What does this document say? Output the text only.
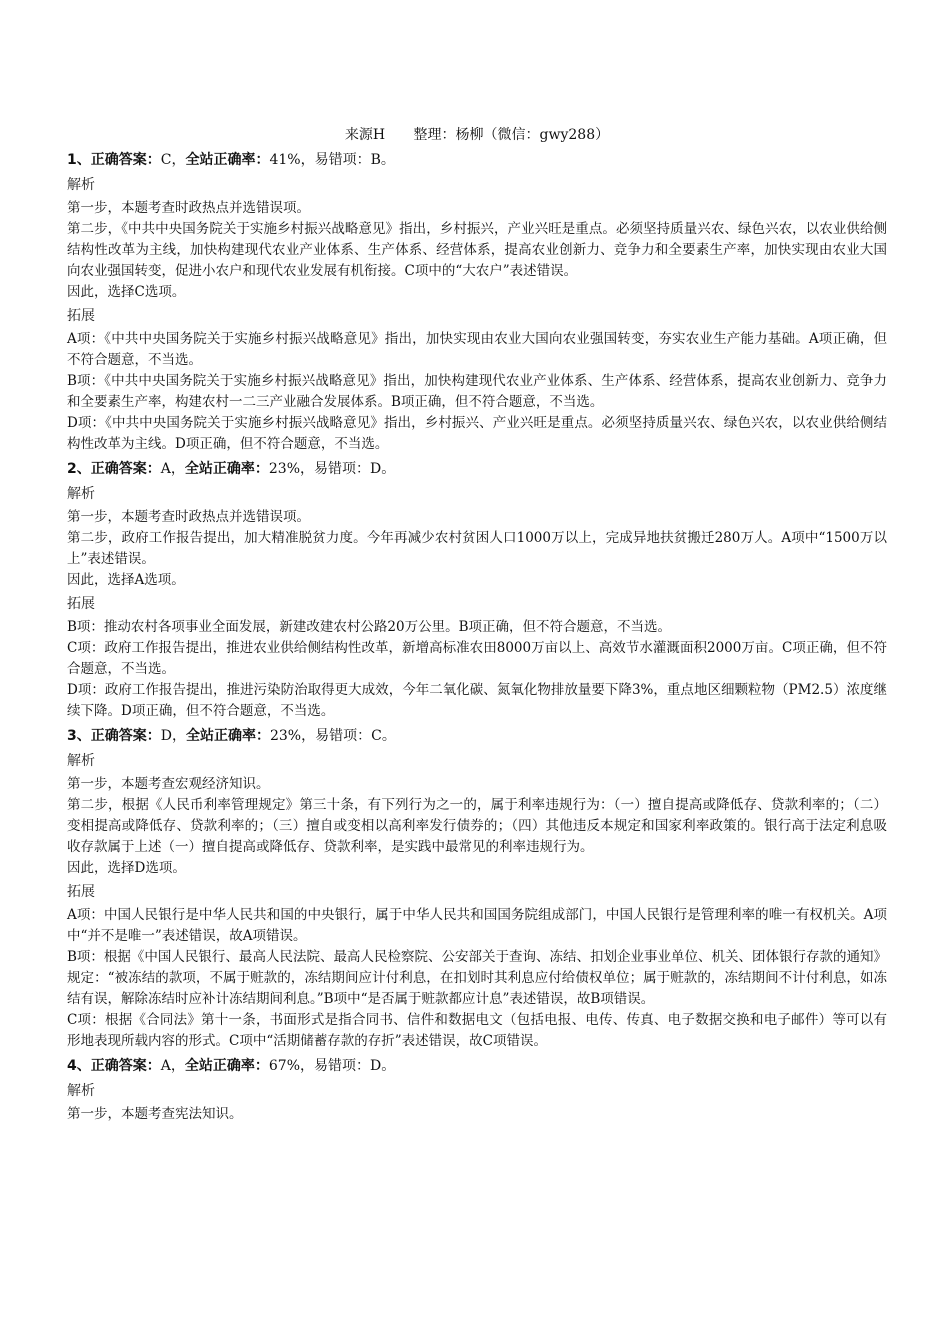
来源H 整理：杨柳（微信：gwy288）
1、正确答案：C，全站正确率：41%，易错项：B。
解析

第一步，本题考查时政热点并选错误项。

第二步，《中共中央国务院关于实施乡村振兴战略意见》指出，乡村振兴，产业兴旺是重点。必须坚持质量兴农、绿色兴农，以农业供给侧结构性改革为主线，加快构建现代农业产业体系、生产体系、经营体系，提高农业创新力、竞争力和全要素生产率，加快实现由农业大国向农业强国转变，促进小农户和现代农业发展有机衔接。C项中的“大农户”表述错误。

因此，选择C选项。

拓展

A项：《中共中央国务院关于实施乡村振兴战略意见》指出，加快实现由农业大国向农业强国转变，夯实农业生产能力基础。A项正确，但不符合题意，不当选。

B项：《中共中央国务院关于实施乡村振兴战略意见》指出，加快构建现代农业产业体系、生产体系、经营体系，提高农业创新力、竞争力和全要素生产率，构建农村一二三产业融合发展体系。B项正确，但不符合题意，不当选。

D项：《中共中央国务院关于实施乡村振兴战略意见》指出，乡村振兴、产业兴旺是重点。必须坚持质量兴农、绿色兴农，以农业供给侧结构性改革为主线。D项正确，但不符合题意，不当选。

2、正确答案：A，全站正确率：23%，易错项：D。
解析

第一步，本题考查时政热点并选错误项。

第二步，政府工作报告提出，加大精准脱贫力度。今年再减少农村贫困人口1000万以上，完成异地扶贫搬迁280万人。A项中“1500万以上”表述错误。

因此，选择A选项。

拓展

B项：推动农村各项事业全面发展，新建改建农村公路20万公里。B项正确，但不符合题意，不当选。

C项：政府工作报告提出，推进农业供给侧结构性改革，新增高标准农田8000万亩以上、高效节水灌溉面积2000万亩。C项正确，但不符合题意，不当选。

D项：政府工作报告提出，推进污染防治取得更大成效，今年二氧化碳、氮氧化物排放量要下降3%，重点地区细颗粒物（PM2.5）浓度继续下降。D项正确，但不符合题意，不当选。

3、正确答案：D，全站正确率：23%，易错项：C。
解析

第一步，本题考查宏观经济知识。

第二步，根据《人民币利率管理规定》第三十条，有下列行为之一的，属于利率违规行为：（一）擅自提高或降低存、贷款利率的；（二）变相提高或降低存、贷款利率的；（三）擅自或变相以高利率发行债券的；（四）其他违反本规定和国家利率政策的。银行高于法定利息吸收存款属于上述（一）擅自提高或降低存、贷款利率，是实践中最常见的利率违规行为。

因此，选择D选项。

拓展

A项：中国人民银行是中华人民共和国的中央银行，属于中华人民共和国国务院组成部门，中国人民银行是管理利率的唯一有权机关。A项中“并不是唯一”表述错误，故A项错误。

B项：根据《中国人民银行、最高人民法院、最高人民检察院、公安部关于查询、冻结、扣划企业事业单位、机关、团体银行存款的通知》规定：“被冻结的款项，不属于赃款的，冻结期间应计付利息，在扣划时其利息应付给债权单位；属于赃款的，冻结期间不计付利息，如冻结有误，解除冻结时应补计冻结期间利息。”B项中“是否属于赃款都应计息”表述错误，故B项错误。

C项：根据《合同法》第十一条，书面形式是指合同书、信件和数据电文（包括电报、电传、传真、电子数据交换和电子邮件）等可以有形地表现所载内容的形式。C项中“活期储蓄存款的存折”表述错误，故C项错误。

4、正确答案：A，全站正确率：67%，易错项：D。
解析

第一步，本题考查宪法知识。
